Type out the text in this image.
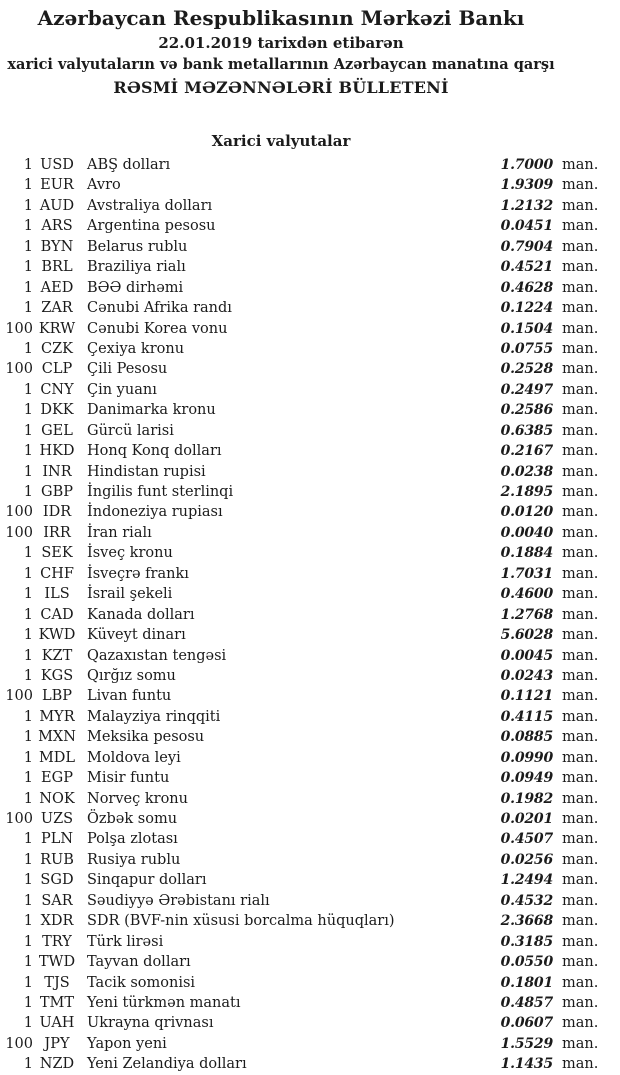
Azərbaycan Respublikasının Mərkəzi Bankı
22.01.2019 tarixdən etibarən
xarici valyutaların və bank metallarının Azərbaycan manatına qarşı
RƏSMİ MƏZƏNNƏLƏRİ BÜLLETENİ
Xarici valyutalar
1 USD ABŞ dolları	1.7000 man.
1 EUR Avro	1.9309 man.
1 AUD Avstraliya dolları	1.2132 man.
1 ARS Argentina pesosu	0.0451 man.
1 BYN Belarus rublu	0.7904 man.
1 BRL Braziliya rialı	0.4521 man.
1 AED BƏƏ dirhəmi	0.4628 man.
1 ZAR Cənubi Afrika randı	0.1224 man.
100 KRW Cənubi Korea vonu	0.1504 man.
1 CZK Çexiya kronu	0.0755 man.
100 CLP	Çili Pesosu	0.2528 man.
1 CNY Çin yuanı	0.2497 man.
1 DKK Danimarka kronu	0.2586 man.
1 GEL Gürcü larisi	0.6385 man.
1 HKD Honq Konq dolları	0.2167 man.
1 INR	Hindistan rupisi	0.0238 man.
1 GBP İngilis funt sterlinqi	2.1895 man.
100 IDR	İndoneziya rupiası	0.0120 man.
100 IRR	İran rialı	0.0040 man.
1 SEK İsveç kronu	0.1884 man.
1 CHF İsveçrə frankı	1.7031 man.
1 ILS	İsrail şekeli	0.4600 man.
1 CAD Kanada dolları	1.2768 man.
1 KWD Küveyt dinarı	5.6028 man.
1 KZT	Qazaxıstan tengəsi	0.0045 man.
1 KGS Qırğız somu	0.0243 man.
100 LBP	Livan funtu	0.1121 man.
1 MYR Malayziya rinqqiti	0.4115 man.
1 MXN Meksika pesosu	0.0885 man.
1 MDL Moldova leyi	0.0990 man.
1 EGP Misir funtu	0.0949 man.
1 NOK Norveç kronu	0.1982 man.
100 UZS Özbək somu	0.0201 man.
1 PLN Polşa zlotası	0.4507 man.
1 RUB Rusiya rublu	0.0256 man.
1 SGD Sinqapur dolları	1.2494 man.
1 SAR Səudiyyə Ərəbistanı rialı	0.4532 man.
1 XDR SDR (BVF-nin xüsusi borcalma hüquqları)	2.3668 man.
1 TRY	Türk lirəsi	0.3185 man.
1 TWD Tayvan dolları	0.0550 man.
1 TJS	Tacik somonisi	0.1801 man.
1 TMT Yeni türkmən manatı	0.4857 man.
1 UAH Ukrayna qrivnası	0.0607 man.
100 JPY	Yapon yeni	1.5529 man.
1 NZD Yeni Zelandiya dolları	1.1435 man.
